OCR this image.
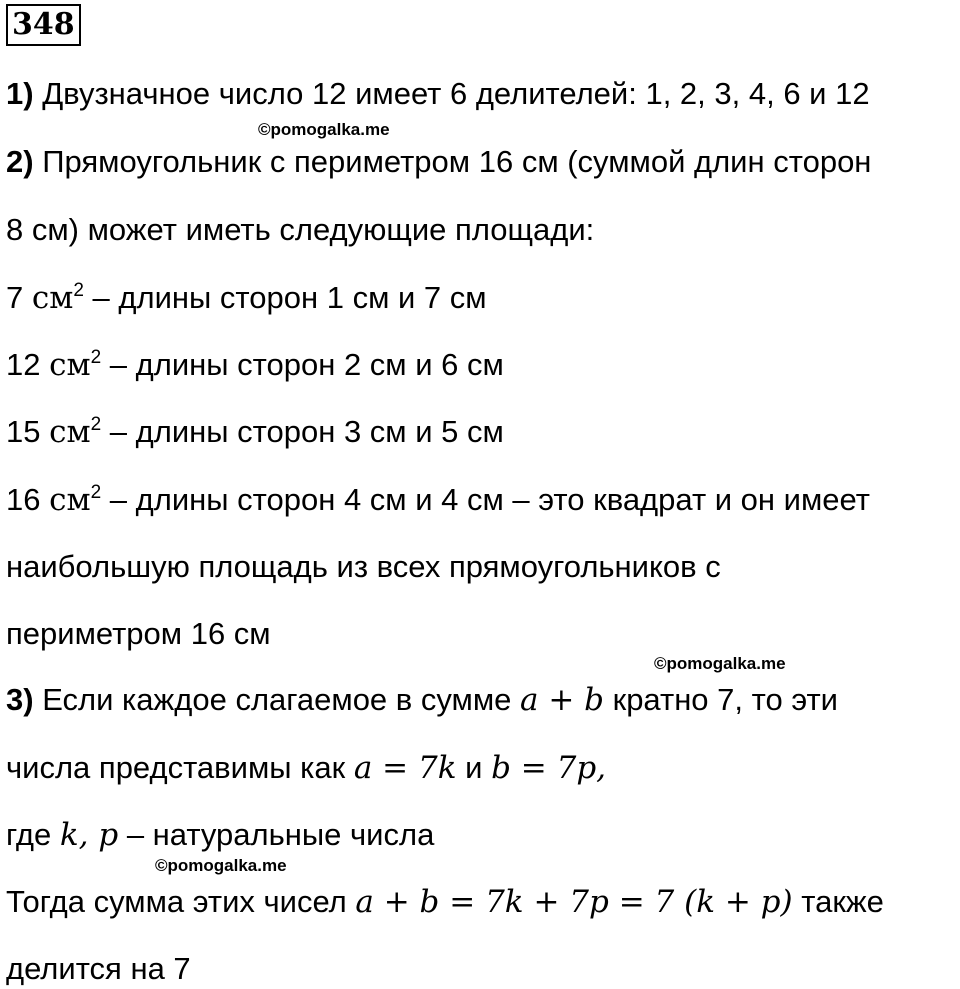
348
1) Двузначное число 12 имеет 6 делителей: 1, 2, 3, 4, 6 и 12
©pomogalka.me
2) Прямоугольник с периметром 16 см (суммой длин сторон
8 см) может иметь следующие площади:
7 $см^2$ – длины сторон 1 см и 7 см
12 $см^2$ – длины сторон 2 см и 6 см
15 $см^2$ – длины сторон 3 см и 5 см
16 $см^2$ – длины сторон 4 см и 4 см – это квадрат и он имеет
наибольшую площадь из всех прямоугольников с
периметром 16 см
©pomogalka.me
3) Если каждое слагаемое в сумме a + b кратно 7, то эти
числа представимы как a = 7k и b = 7p,
где k, p – натуральные числа
©pomogalka.me
Тогда сумма этих чисел a + b = 7k + 7p = 7 (k + p) также
делится на 7
